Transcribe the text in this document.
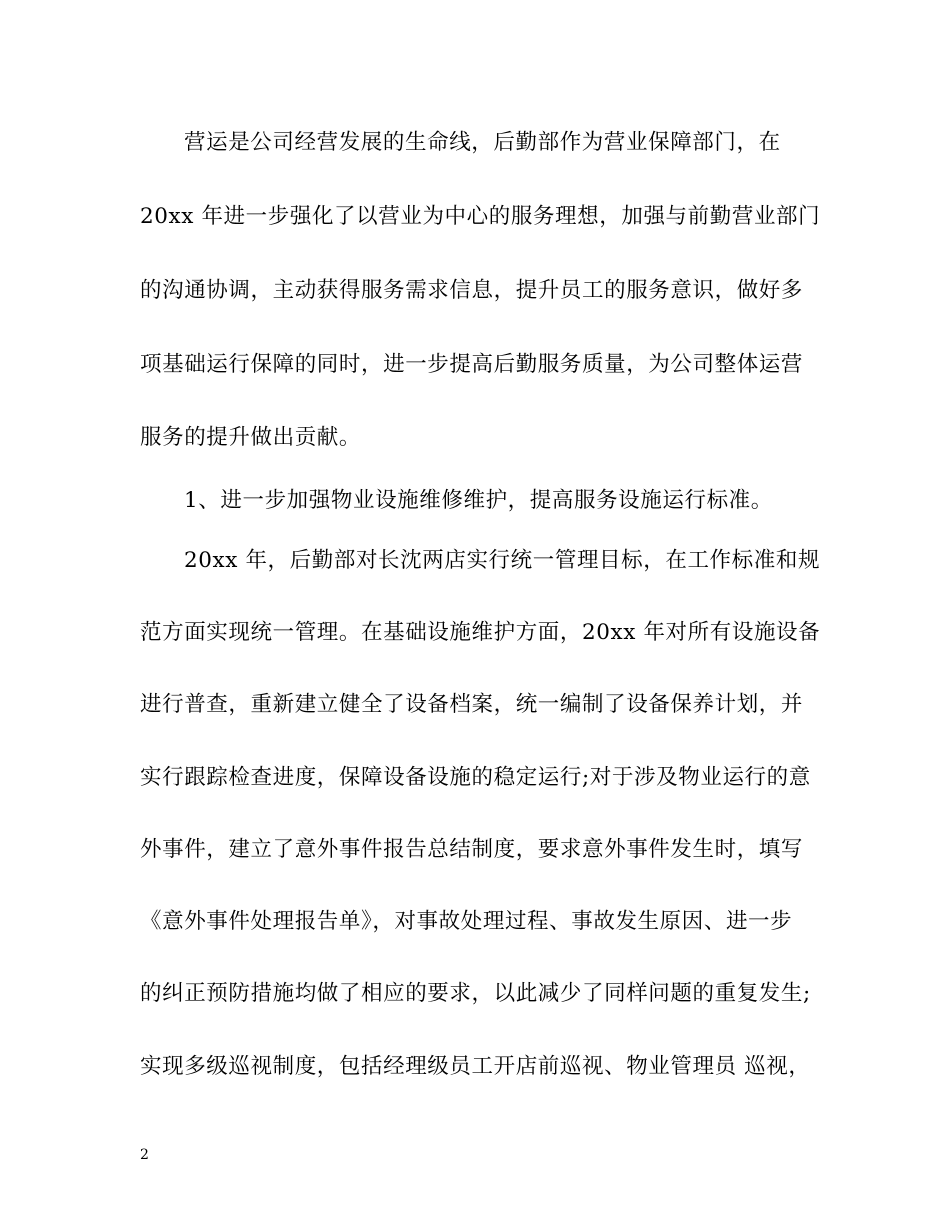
营运是公司经营发展的生命线，后勤部作为营业保障部门，在
20xx 年进一步强化了以营业为中心的服务理想，加强与前勤营业部门
的沟通协调，主动获得服务需求信息，提升员工的服务意识，做好多
项基础运行保障的同时，进一步提高后勤服务质量，为公司整体运营
服务的提升做出贡献。
1、进一步加强物业设施维修维护，提高服务设施运行标准。
20xx 年，后勤部对长沈两店实行统一管理目标，在工作标准和规
范方面实现统一管理。在基础设施维护方面，20xx 年对所有设施设备
进行普查，重新建立健全了设备档案，统一编制了设备保养计划，并
实行跟踪检查进度，保障设备设施的稳定运行;对于涉及物业运行的意
外事件，建立了意外事件报告总结制度，要求意外事件发生时，填写
《意外事件处理报告单》，对事故处理过程、事故发生原因、进一步
的纠正预防措施均做了相应的要求，以此减少了同样问题的重复发生;
实现多级巡视制度，包括经理级员工开店前巡视、物业管理员 巡视，
2
